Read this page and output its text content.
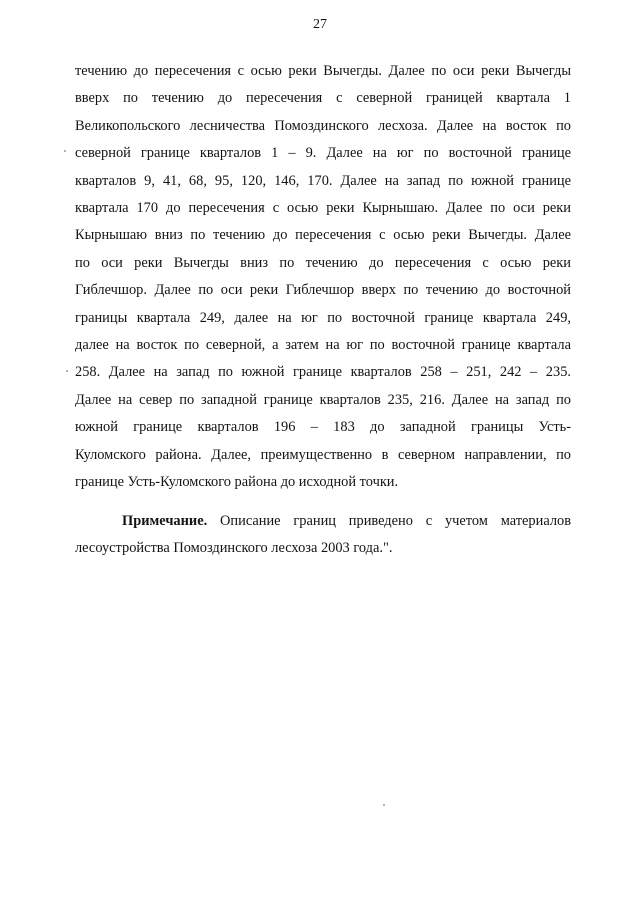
27
течению до пересечения с осью реки Вычегды. Далее по оси реки Вычегды
вверх по течению до пересечения с северной границей квартала 1
Великопольского лесничества Помоздинского лесхоза. Далее на восток по
северной границе кварталов 1 – 9. Далее на юг по восточной границе
кварталов 9, 41, 68, 95, 120, 146, 170. Далее на запад по южной границе
квартала 170 до пересечения с осью реки Кырнышаю. Далее по оси реки
Кырнышаю вниз по течению до пересечения с осью реки Вычегды. Далее
по оси реки Вычегды вниз по течению до пересечения с осью реки
Гиблечшор. Далее по оси реки Гиблечшор вверх по течению до восточной
границы квартала 249, далее на юг по восточной границе квартала 249,
далее на восток по северной, а затем на юг по восточной границе квартала
258. Далее на запад по южной границе кварталов 258 – 251, 242 – 235.
Далее на север по западной границе кварталов 235, 216. Далее на запад по
южной границе кварталов 196 – 183 до западной границы Усть-
Куломского района. Далее, преимущественно в северном направлении, по
границе Усть-Куломского района до исходной точки.
Примечание. Описание границ приведено с учетом материалов
лесоустройства Помоздинского лесхоза 2003 года.".
